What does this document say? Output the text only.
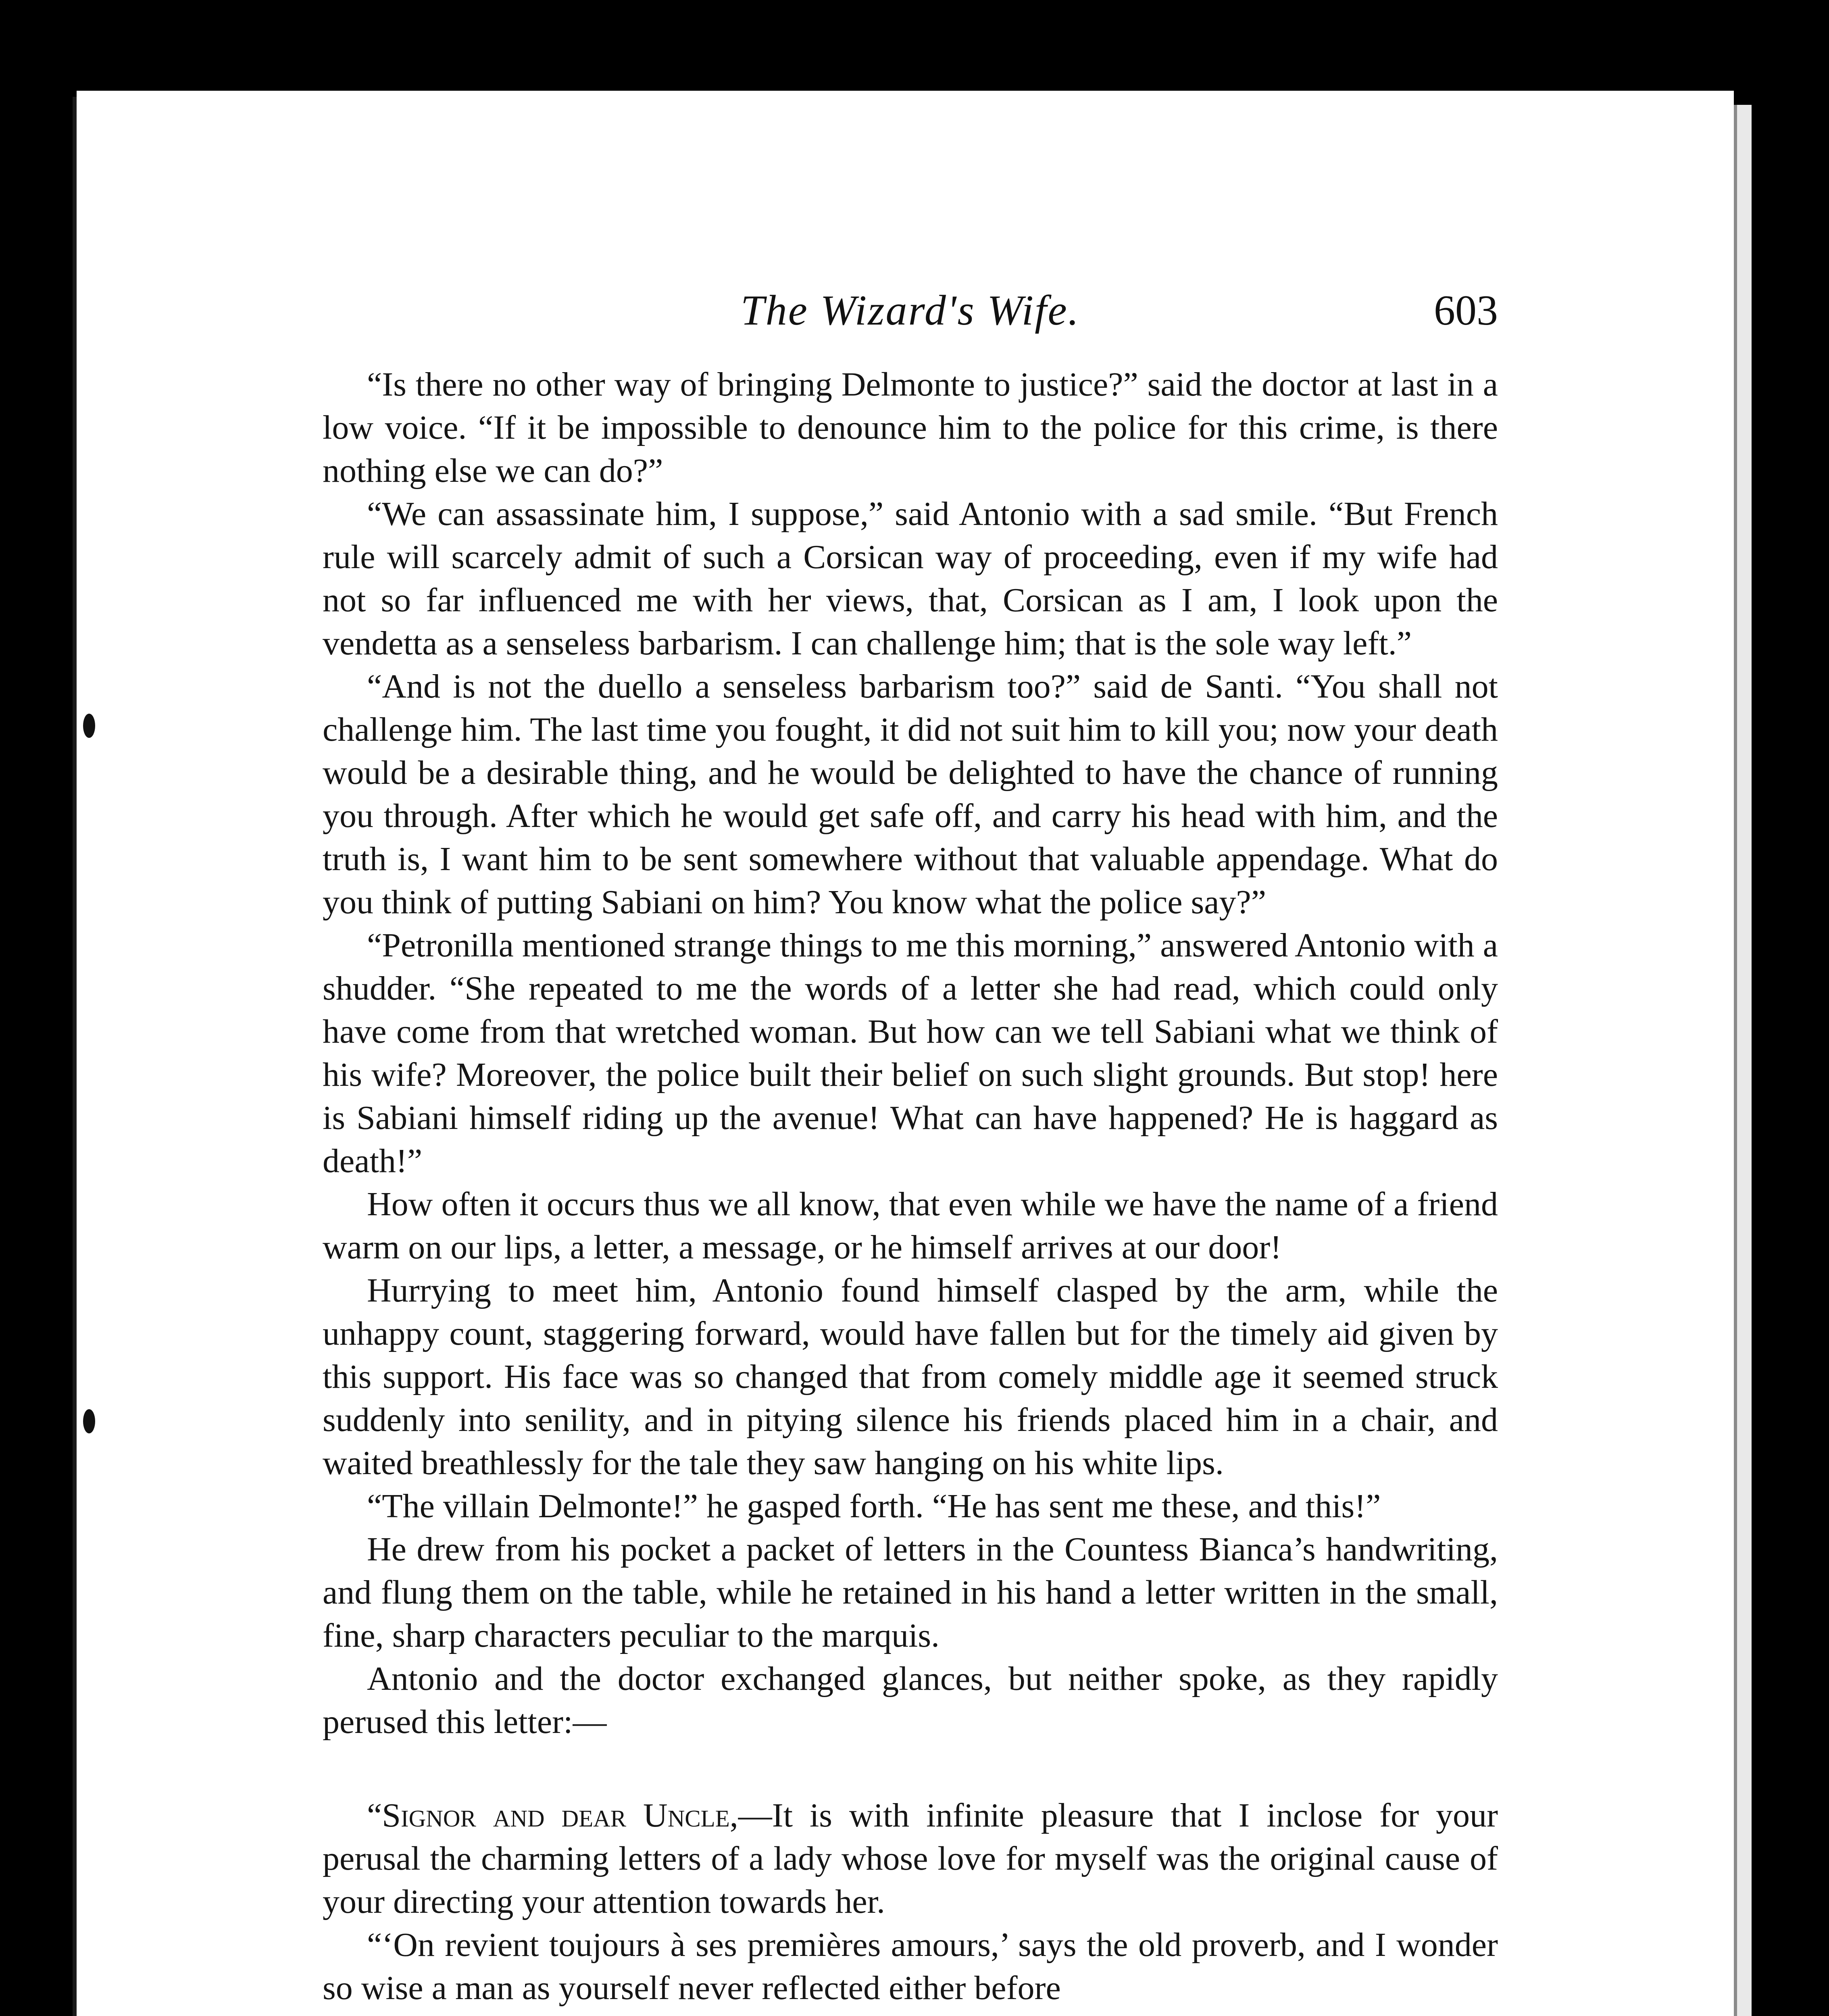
The Wizard's Wife.	603

“Is there no other way of bringing Delmonte to justice?” said the doctor at last in a low voice. “If it be impossible to denounce him to the police for this crime, is there nothing else we can do?”

“We can assassinate him, I suppose,” said Antonio with a sad smile. “But French rule will scarcely admit of such a Corsican way of proceeding, even if my wife had not so far influenced me with her views, that, Corsican as I am, I look upon the vendetta as a senseless barbarism. I can challenge him; that is the sole way left.”

“And is not the duello a senseless barbarism too?” said de Santi. “You shall not challenge him. The last time you fought, it did not suit him to kill you; now your death would be a desirable thing, and he would be delighted to have the chance of running you through. After which he would get safe off, and carry his head with him, and the truth is, I want him to be sent somewhere without that valuable appendage. What do you think of putting Sabiani on him? You know what the police say?”

“Petronilla mentioned strange things to me this morning,” answered Antonio with a shudder. “She repeated to me the words of a letter she had read, which could only have come from that wretched woman. But how can we tell Sabiani what we think of his wife? Moreover, the police built their belief on such slight grounds. But stop! here is Sabiani himself riding up the avenue! What can have happened? He is haggard as death!”

How often it occurs thus we all know, that even while we have the name of a friend warm on our lips, a letter, a message, or he himself arrives at our door!

Hurrying to meet him, Antonio found himself clasped by the arm, while the unhappy count, staggering forward, would have fallen but for the timely aid given by this support. His face was so changed that from comely middle age it seemed struck suddenly into senility, and in pitying silence his friends placed him in a chair, and waited breathlessly for the tale they saw hanging on his white lips.

“The villain Delmonte!” he gasped forth. “He has sent me these, and this!”

He drew from his pocket a packet of letters in the Countess Bianca’s handwriting, and flung them on the table, while he retained in his hand a letter written in the small, fine, sharp characters peculiar to the marquis.

Antonio and the doctor exchanged glances, but neither spoke, as they rapidly perused this letter:—

“Signor and dear Uncle,—It is with infinite pleasure that I inclose for your perusal the charming letters of a lady whose love for myself was the original cause of your directing your attention towards her.

“‘On revient toujours à ses premières amours,’ says the old proverb, and I wonder so wise a man as yourself never reflected either before
